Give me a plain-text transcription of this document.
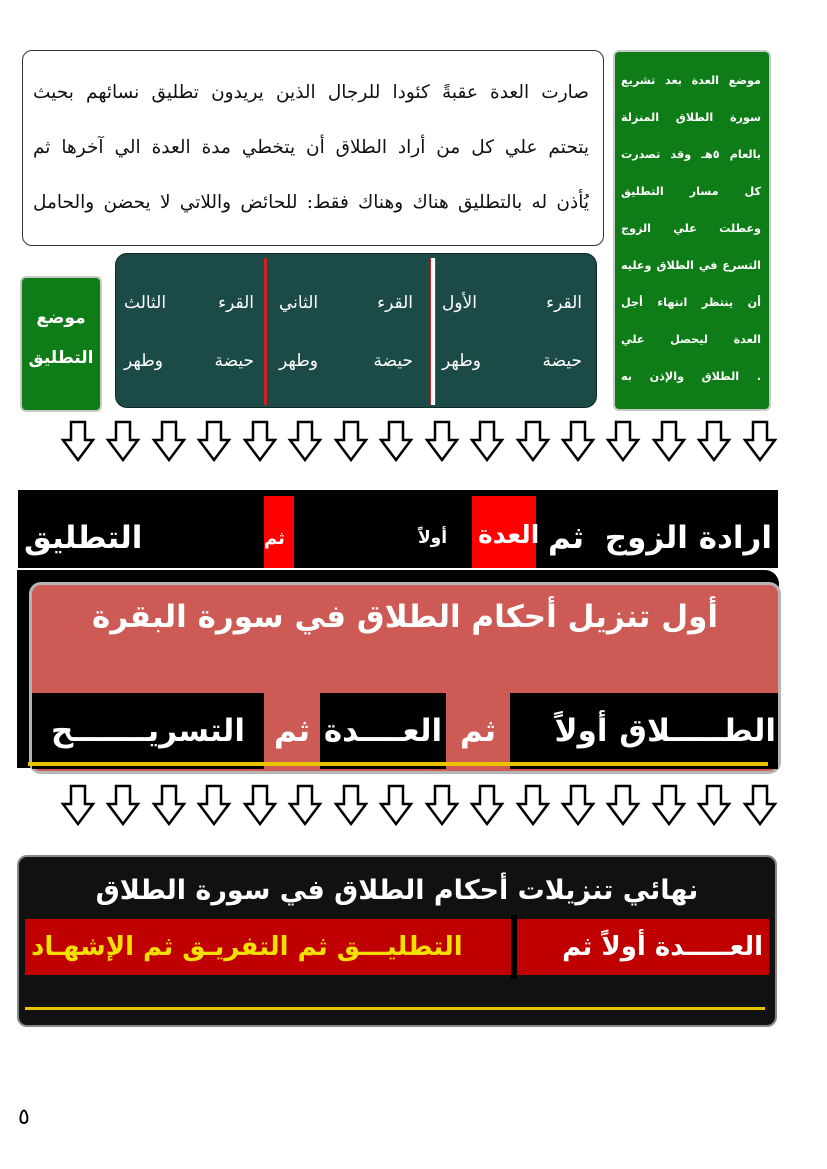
صارت العدة عقبةً كئودا للرجال الذين يريدون تطليق نسائهم بحيث

يتحتم علي كل من أراد الطلاق أن يتخطي مدة العدة الي آخرها ثم

يُأذن له بالتطليق هناك وهناك فقط: للحائض واللاتي لا يحضن والحامل

موضع العدة بعد تشريع
سورة الطلاق المنزلة
بالعام ٥هـ وقد تصدرت
كل مسار التطليق
وعطلت علي الزوج
التسرع في الطلاق وعليه
أن ينتظر انتهاء أجل
العدة ليحصل علي
. الطلاق والإذن به
موضع
التطليق
القرء الأول
حيضة وطهر
القرء الثاني
حيضة وطهر
القرء الثالث
حيضة وطهر
ارادة الزوج
ثم
العدة
أولاً
ثم
التطليق
أول تنزيل أحكام الطلاق في سورة البقرة
الطـــــلاق
أولاً
ثم
العــــدة
ثم
التسريـــــــح
نهائي تنزيلات أحكام الطلاق في سورة الطلاق
العـــــدة أولاً ثم
التطليـــق ثم التفريـق ثم الإشهـاد
٥
